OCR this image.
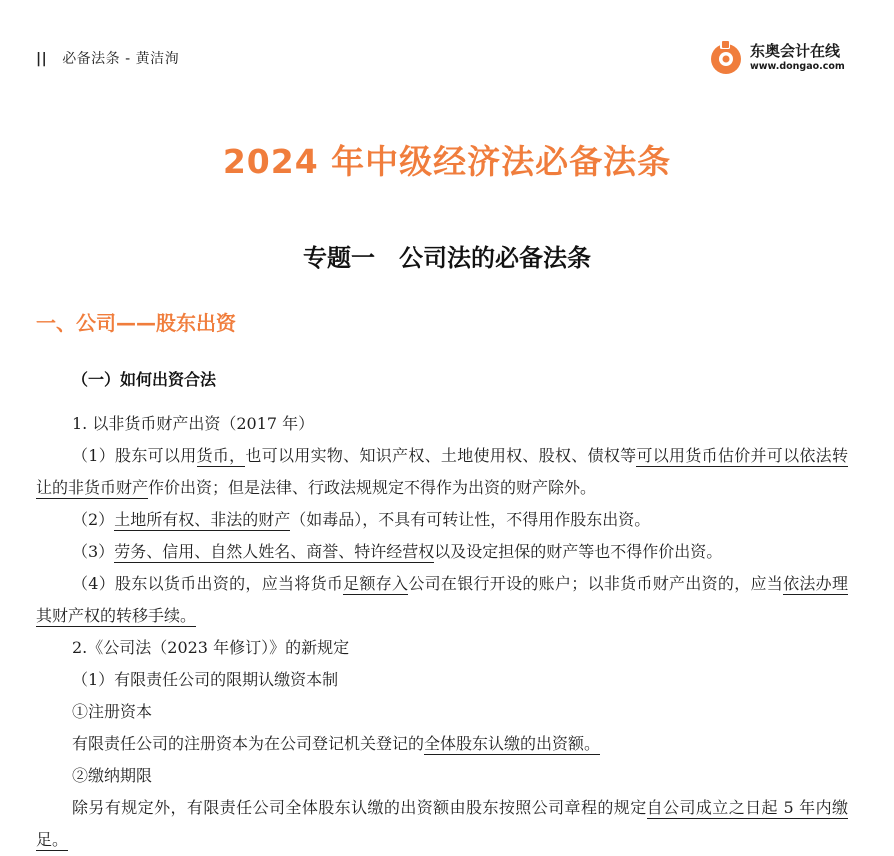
|| 必备法条 - 黄洁洵	东奥会计在线
www.dongao.com
2024 年中级经济法必备法条
专题一　公司法的必备法条
一、公司——股东出资
（一）如何出资合法

1. 以非货币财产出资（2017 年）

（1）股东可以用货币，也可以用实物、知识产权、土地使用权、股权、债权等可以用货币估价并可以依法转让的非货币财产作价出资；但是法律、行政法规规定不得作为出资的财产除外。

（2）土地所有权、非法的财产（如毒品），不具有可转让性，不得用作股东出资。

（3）劳务、信用、自然人姓名、商誉、特许经营权以及设定担保的财产等也不得作价出资。

（4）股东以货币出资的，应当将货币足额存入公司在银行开设的账户；以非货币财产出资的，应当依法办理其财产权的转移手续。

2.《公司法（2023 年修订）》的新规定

（1）有限责任公司的限期认缴资本制

①注册资本

有限责任公司的注册资本为在公司登记机关登记的全体股东认缴的出资额。

②缴纳期限

除另有规定外，有限责任公司全体股东认缴的出资额由股东按照公司章程的规定自公司成立之日起 5 年内缴足。
